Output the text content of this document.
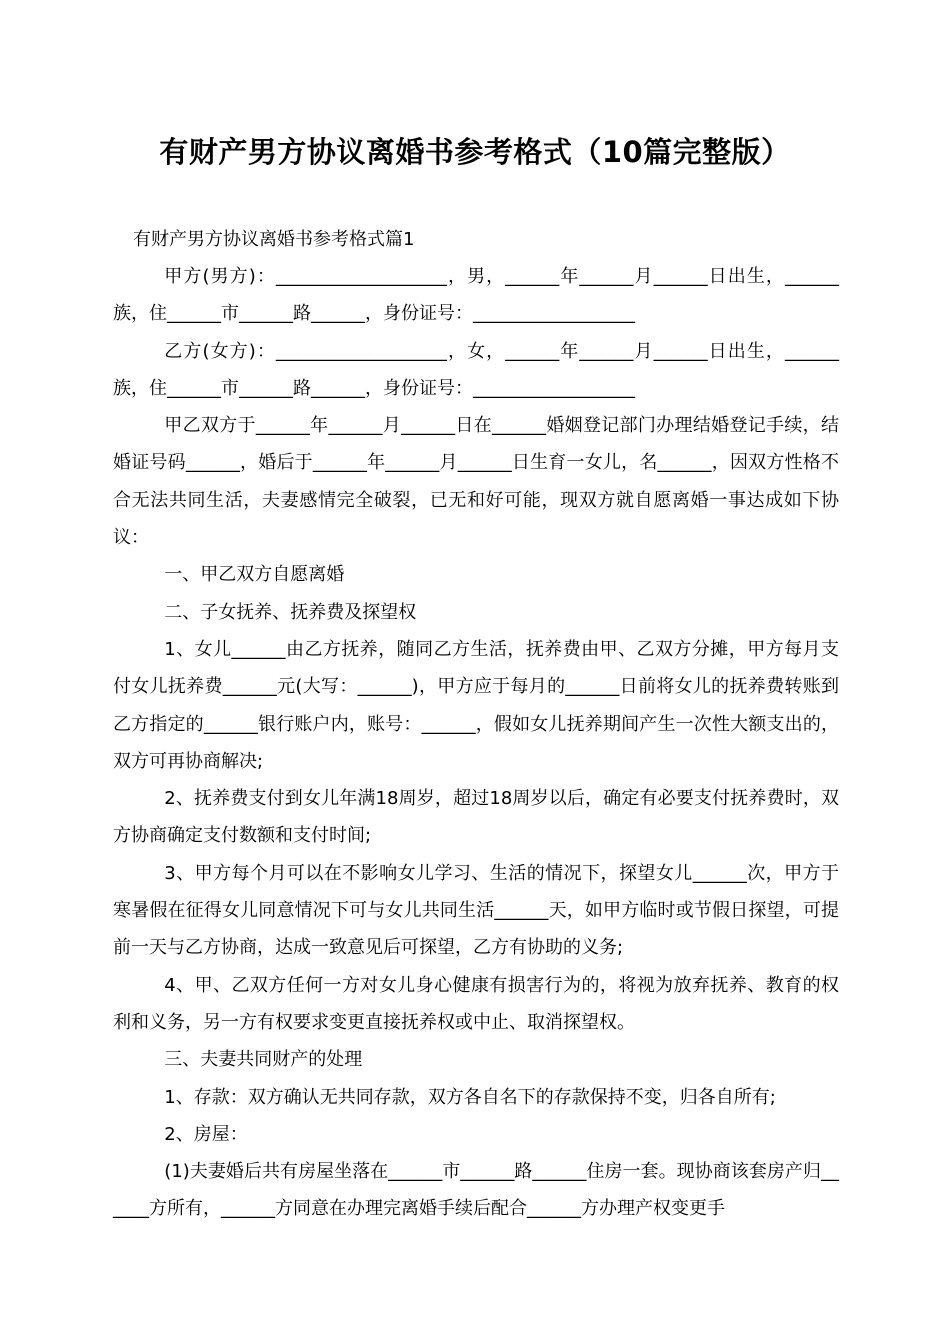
有财产男方协议离婚书参考格式（10篇完整版）
有财产男方协议离婚书参考格式篇1

甲方(男方)：___________________，男，______年______月______日出生，______族，住______市______路______，身份证号：__________________

乙方(女方)：___________________，女，______年______月______日出生，______族，住______市______路______，身份证号：__________________

甲乙双方于______年______月______日在______婚姻登记部门办理结婚登记手续，结婚证号码______，婚后于______年______月______日生育一女儿，名______，因双方性格不合无法共同生活，夫妻感情完全破裂，已无和好可能，现双方就自愿离婚一事达成如下协议：

一、甲乙双方自愿离婚

二、子女抚养、抚养费及探望权

1、女儿______由乙方抚养，随同乙方生活，抚养费由甲、乙双方分摊，甲方每月支付女儿抚养费______元(大写：______)，甲方应于每月的______日前将女儿的抚养费转账到乙方指定的______银行账户内，账号：______，假如女儿抚养期间产生一次性大额支出的，双方可再协商解决;

2、抚养费支付到女儿年满18周岁，超过18周岁以后，确定有必要支付抚养费时，双方协商确定支付数额和支付时间;

3、甲方每个月可以在不影响女儿学习、生活的情况下，探望女儿______次，甲方于寒暑假在征得女儿同意情况下可与女儿共同生活______天，如甲方临时或节假日探望，可提前一天与乙方协商，达成一致意见后可探望，乙方有协助的义务;

4、甲、乙双方任何一方对女儿身心健康有损害行为的，将视为放弃抚养、教育的权利和义务，另一方有权要求变更直接抚养权或中止、取消探望权。

三、夫妻共同财产的处理

1、存款：双方确认无共同存款，双方各自名下的存款保持不变，归各自所有;

2、房屋：

(1)夫妻婚后共有房屋坐落在______市______路______住房一套。现协商该套房产归______方所有，______方同意在办理完离婚手续后配合______方办理产权变更手
